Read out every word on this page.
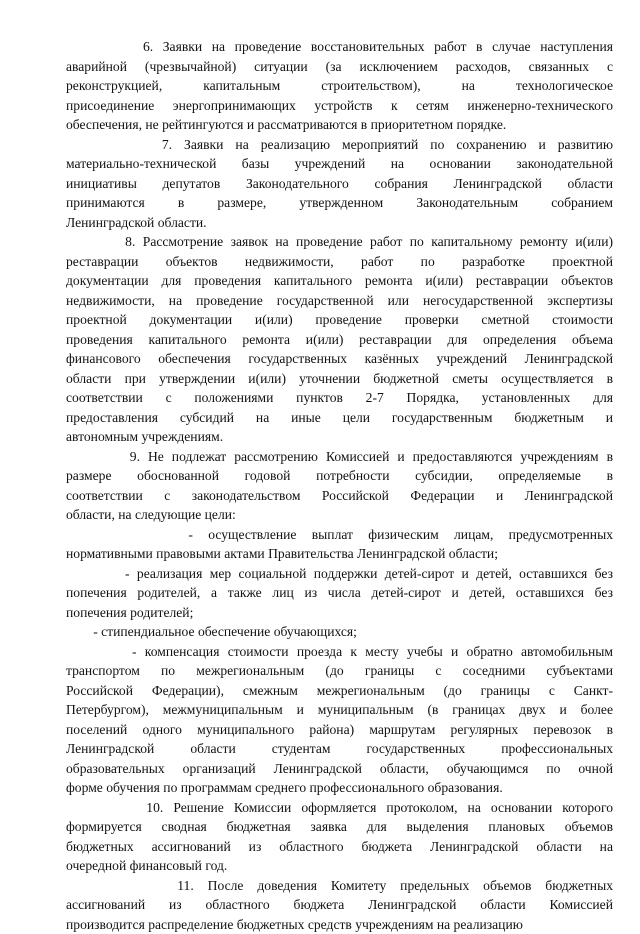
6. Заявки на проведение восстановительных работ в случае наступления
аварийной (чрезвычайной) ситуации (за исключением расходов, связанных с
реконструкцией, капитальным строительством), на технологическое
присоединение энергопринимающих устройств к сетям инженерно-технического
обеспечения, не рейтингуются и рассматриваются в приоритетном порядке.
7. Заявки на реализацию мероприятий по сохранению и развитию
материально-технической базы учреждений на основании законодательной
инициативы депутатов Законодательного собрания Ленинградской области
принимаются в размере, утвержденном Законодательным собранием
Ленинградской области.
8. Рассмотрение заявок на проведение работ по капитальному ремонту и(или)
реставрации объектов недвижимости, работ по разработке проектной
документации для проведения капитального ремонта и(или) реставрации объектов
недвижимости, на проведение государственной или негосударственной экспертизы
проектной документации и(или) проведение проверки сметной стоимости
проведения капитального ремонта и(или) реставрации для определения объема
финансового обеспечения государственных казённых учреждений Ленинградской
области при утверждении и(или) уточнении бюджетной сметы осуществляется в
соответствии с положениями пунктов 2-7 Порядка, установленных для
предоставления субсидий на иные цели государственным бюджетным и
автономным учреждениям.
9. Не подлежат рассмотрению Комиссией и предоставляются учреждениям в
размере обоснованной годовой потребности субсидии, определяемые в
соответствии с законодательством Российской Федерации и Ленинградской
области, на следующие цели:
- осуществление выплат физическим лицам, предусмотренных
нормативными правовыми актами Правительства Ленинградской области;
- реализация мер социальной поддержки детей-сирот и детей, оставшихся без
попечения родителей, а также лиц из числа детей-сирот и детей, оставшихся без
попечения родителей;
- стипендиальное обеспечение обучающихся;
- компенсация стоимости проезда к месту учебы и обратно автомобильным
транспортом по межрегиональным (до границы с соседними субъектами
Российской Федерации), смежным межрегиональным (до границы с Санкт-
Петербургом), межмуниципальным и муниципальным (в границах двух и более
поселений одного муниципального района) маршрутам регулярных перевозок в
Ленинградской области студентам государственных профессиональных
образовательных организаций Ленинградской области, обучающимся по очной
форме обучения по программам среднего профессионального образования.
10. Решение Комиссии оформляется протоколом, на основании которого
формируется сводная бюджетная заявка для выделения плановых объемов
бюджетных ассигнований из областного бюджета Ленинградской области на
очередной финансовый год.
11. После доведения Комитету предельных объемов бюджетных
ассигнований из областного бюджета Ленинградской области Комиссией
производится распределение бюджетных средств учреждениям на реализацию
